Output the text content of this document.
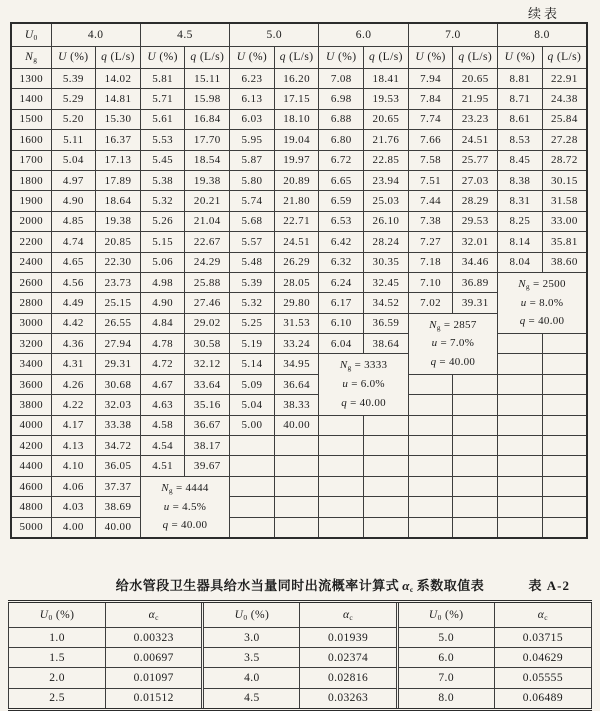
续表
$U_0$	4.0		4.5		5.0		6.0		7.0		8.0	
$N_g$	U (%)	q (L/s)	U (%)	q (L/s)	U (%)	q (L/s)	U (%)	q (L/s)	U (%)	q (L/s)	U (%)	q (L/s)
1300	5.39	14.02	5.81	15.11	6.23	16.20	7.08	18.41	7.94	20.65	8.81	22.91
1400	5.29	14.81	5.71	15.98	6.13	17.15	6.98	19.53	7.84	21.95	8.71	24.38
1500	5.20	15.30	5.61	16.84	6.03	18.10	6.88	20.65	7.74	23.23	8.61	25.84
1600	5.11	16.37	5.53	17.70	5.95	19.04	6.80	21.76	7.66	24.51	8.53	27.28
1700	5.04	17.13	5.45	18.54	5.87	19.97	6.72	22.85	7.58	25.77	8.45	28.72
1800	4.97	17.89	5.38	19.38	5.80	20.89	6.65	23.94	7.51	27.03	8.38	30.15
1900	4.90	18.64	5.32	20.21	5.74	21.80	6.59	25.03	7.44	28.29	8.31	31.58
2000	4.85	19.38	5.26	21.04	5.68	22.71	6.53	26.10	7.38	29.53	8.25	33.00
2200	4.74	20.85	5.15	22.67	5.57	24.51	6.42	28.24	7.27	32.01	8.14	35.81
2400	4.65	22.30	5.06	24.29	5.48	26.29	6.32	30.35	7.18	34.46	8.04	38.60
2600	4.56	23.73	4.98	25.88	5.39	28.05	6.24	32.45	7.10	36.89	$N_g = 2500$
u = 8.0%
q = 40.00	

2800	4.49	25.15	4.90	27.46	5.32	29.80	6.17	34.52	7.02	39.31		
3000	4.42	26.55	4.84	29.02	5.25	31.53	6.10	36.59	$N_g = 2857$
u = 7.0%
q = 40.00			

3200	4.36	27.94	4.78	30.58	5.19	33.24	6.04	38.64				
3400	4.31	29.31	4.72	32.12	5.14	34.95	$N_g = 3333$
u = 6.0%
q = 40.00					

3600	4.26	30.68	4.67	33.64	5.09	36.64						
3800	4.22	32.03	4.63	35.16	5.04	38.33						
4000	4.17	33.38	4.58	36.67	5.00	40.00						
4200	4.13	34.72	4.54	38.17								
4400	4.10	36.05	4.51	39.67								
4600	4.06	37.37	$N_g = 4444$
u = 4.5%
q = 40.00									

4800	4.03	38.69										
5000	4.00	40.00										
给水管段卫生器具给水当量同时出流概率计算式 $\alpha_c$ 系数取值表	表 A-2
$U_0$ (%)	$\alpha_c$	$U_0$ (%)	$\alpha_c$	$U_0$ (%)	$\alpha_c$
1.0	0.00323	3.0	0.01939	5.0	0.03715
1.5	0.00697	3.5	0.02374	6.0	0.04629
2.0	0.01097	4.0	0.02816	7.0	0.05555
2.5	0.01512	4.5	0.03263	8.0	0.06489
